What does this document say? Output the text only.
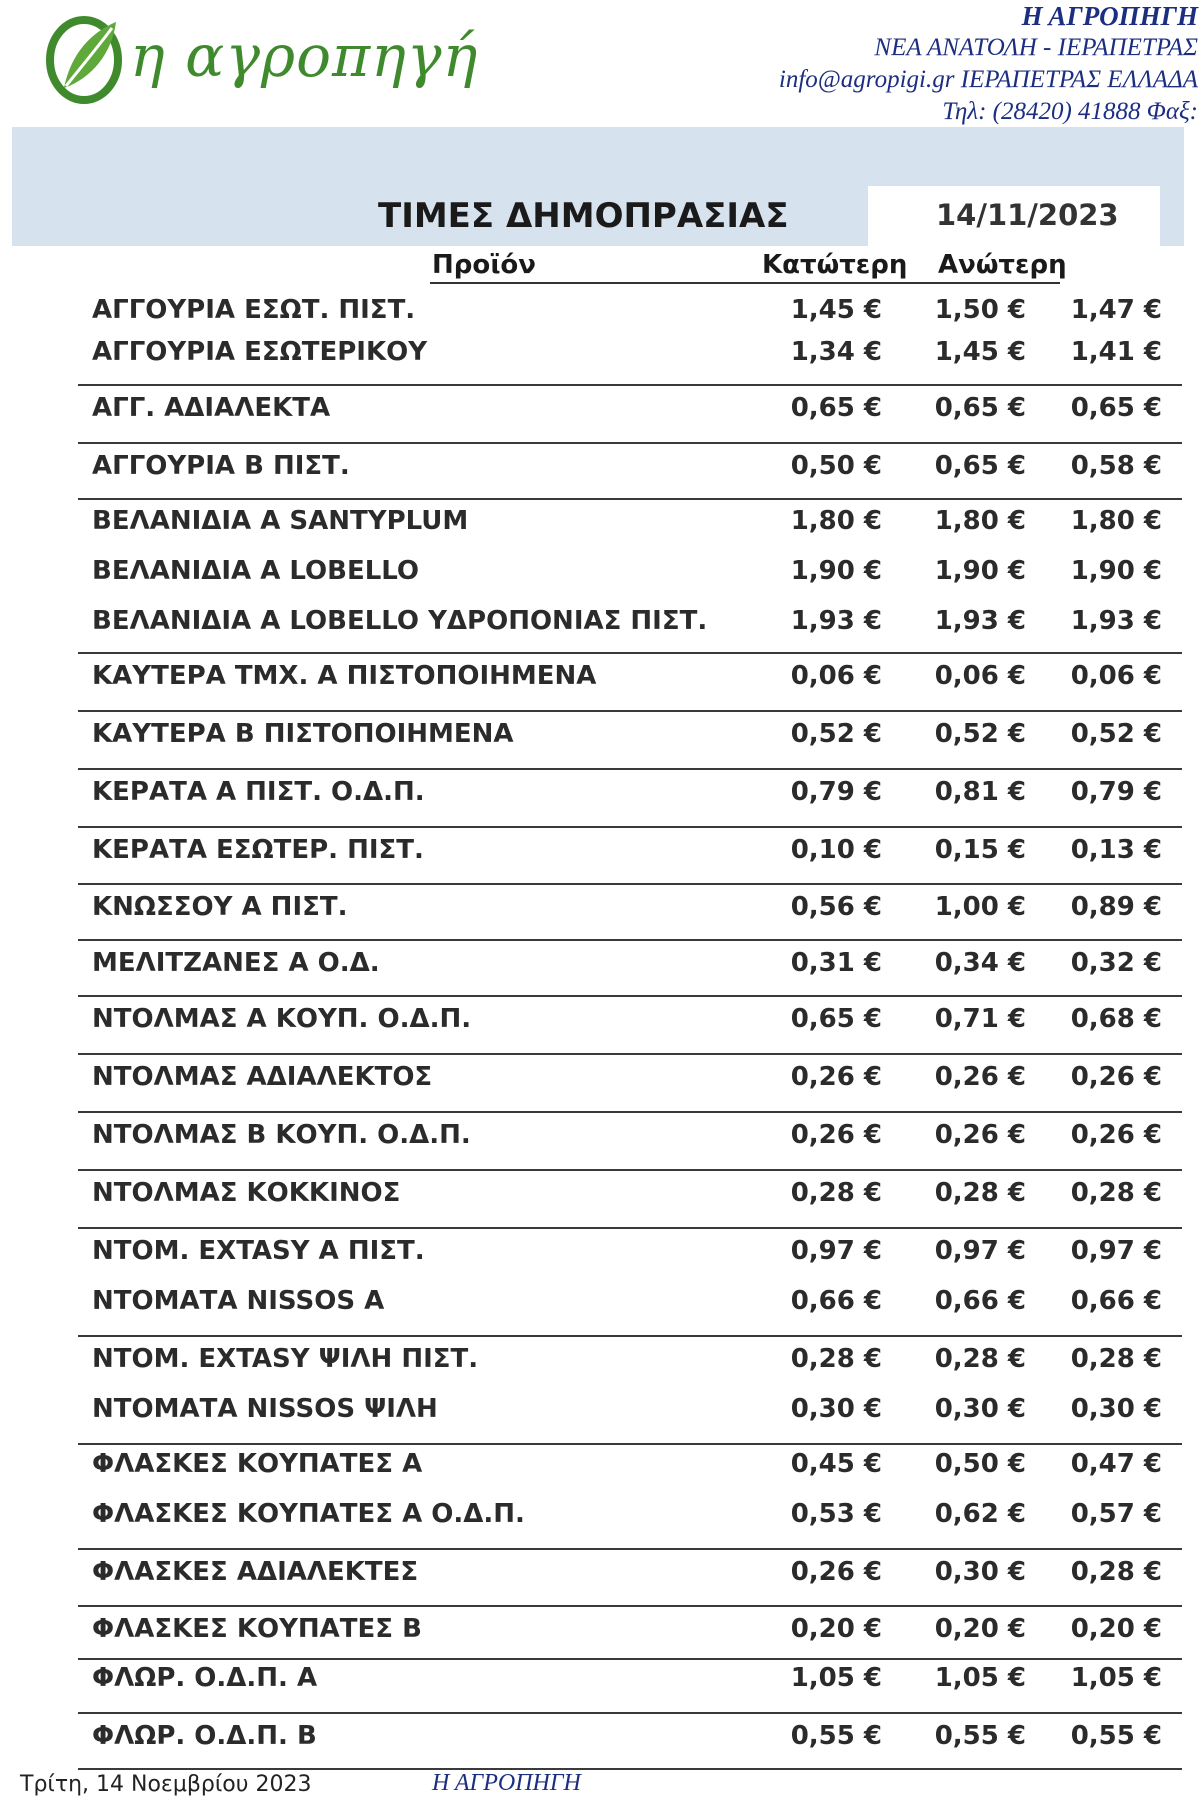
η αγροπηγή
Η ΑΓΡΟΠΗΓΗ
ΝΕΑ ΑΝΑΤΟΛΗ - ΙΕΡΑΠΕΤΡΑΣ
info@agropigi.gr ΙΕΡΑΠΕΤΡΑΣ ΕΛΛΑΔΑ
Τηλ: (28420) 41888 Φαξ:
ΤΙΜΕΣ ΔΗΜΟΠΡΑΣΙΑΣ	14/11/2023
Προϊόν	Κατώτερη Ανώτερη
ΑΓΓΟΥΡΙΑ ΕΣΩΤ. ΠΙΣΤ.	1,45 €	1,50 €	1,47 €
ΑΓΓΟΥΡΙΑ ΕΣΩΤΕΡΙΚΟΥ	1,34 €	1,45 €	1,41 €
ΑΓΓ. ΑΔΙΑΛΕΚΤΑ	0,65 €	0,65 €	0,65 €
ΑΓΓΟΥΡΙΑ Β ΠΙΣΤ.	0,50 €	0,65 €	0,58 €
ΒΕΛΑΝΙΔΙΑ Α SANTYPLUM	1,80 €	1,80 €	1,80 €
ΒΕΛΑΝΙΔΙΑ Α LOBELLO	1,90 €	1,90 €	1,90 €
ΒΕΛΑΝΙΔΙΑ Α LOBELLO ΥΔΡΟΠΟΝΙΑΣ ΠΙΣΤ.	1,93 €	1,93 €	1,93 €
ΚΑΥΤΕΡΑ ΤΜΧ. Α ΠΙΣΤΟΠΟΙΗΜΕΝΑ	0,06 €	0,06 €	0,06 €
ΚΑΥΤΕΡΑ Β ΠΙΣΤΟΠΟΙΗΜΕΝΑ	0,52 €	0,52 €	0,52 €
ΚΕΡΑΤΑ Α ΠΙΣΤ. Ο.Δ.Π.	0,79 €	0,81 €	0,79 €
ΚΕΡΑΤΑ ΕΣΩΤΕΡ. ΠΙΣΤ.	0,10 €	0,15 €	0,13 €
ΚΝΩΣΣΟΥ Α ΠΙΣΤ.	0,56 €	1,00 €	0,89 €
ΜΕΛΙΤΖΑΝΕΣ Α Ο.Δ.	0,31 €	0,34 €	0,32 €
ΝΤΟΛΜΑΣ Α ΚΟΥΠ. Ο.Δ.Π.	0,65 €	0,71 €	0,68 €
ΝΤΟΛΜΑΣ ΑΔΙΑΛΕΚΤΟΣ	0,26 €	0,26 €	0,26 €
ΝΤΟΛΜΑΣ Β ΚΟΥΠ. Ο.Δ.Π.	0,26 €	0,26 €	0,26 €
ΝΤΟΛΜΑΣ ΚΟΚΚΙΝΟΣ	0,28 €	0,28 €	0,28 €
ΝΤΟΜ. EXTASY Α ΠΙΣΤ.	0,97 €	0,97 €	0,97 €
ΝΤΟΜΑΤΑ NISSOS Α	0,66 €	0,66 €	0,66 €
ΝΤΟΜ. EXTASY ΨΙΛΗ ΠΙΣΤ.	0,28 €	0,28 €	0,28 €
ΝΤΟΜΑΤΑ NISSOS ΨΙΛΗ	0,30 €	0,30 €	0,30 €
ΦΛΑΣΚΕΣ ΚΟΥΠΑΤΕΣ Α	0,45 €	0,50 €	0,47 €
ΦΛΑΣΚΕΣ ΚΟΥΠΑΤΕΣ Α Ο.Δ.Π.	0,53 €	0,62 €	0,57 €
ΦΛΑΣΚΕΣ ΑΔΙΑΛΕΚΤΕΣ	0,26 €	0,30 €	0,28 €
ΦΛΑΣΚΕΣ ΚΟΥΠΑΤΕΣ Β	0,20 €	0,20 €	0,20 €
ΦΛΩΡ. Ο.Δ.Π. Α	1,05 €	1,05 €	1,05 €
ΦΛΩΡ. Ο.Δ.Π. Β	0,55 €	0,55 €	0,55 €
Τρίτη, 14 Νοεμβρίου 2023	Η ΑΓΡΟΠΗΓΗ
